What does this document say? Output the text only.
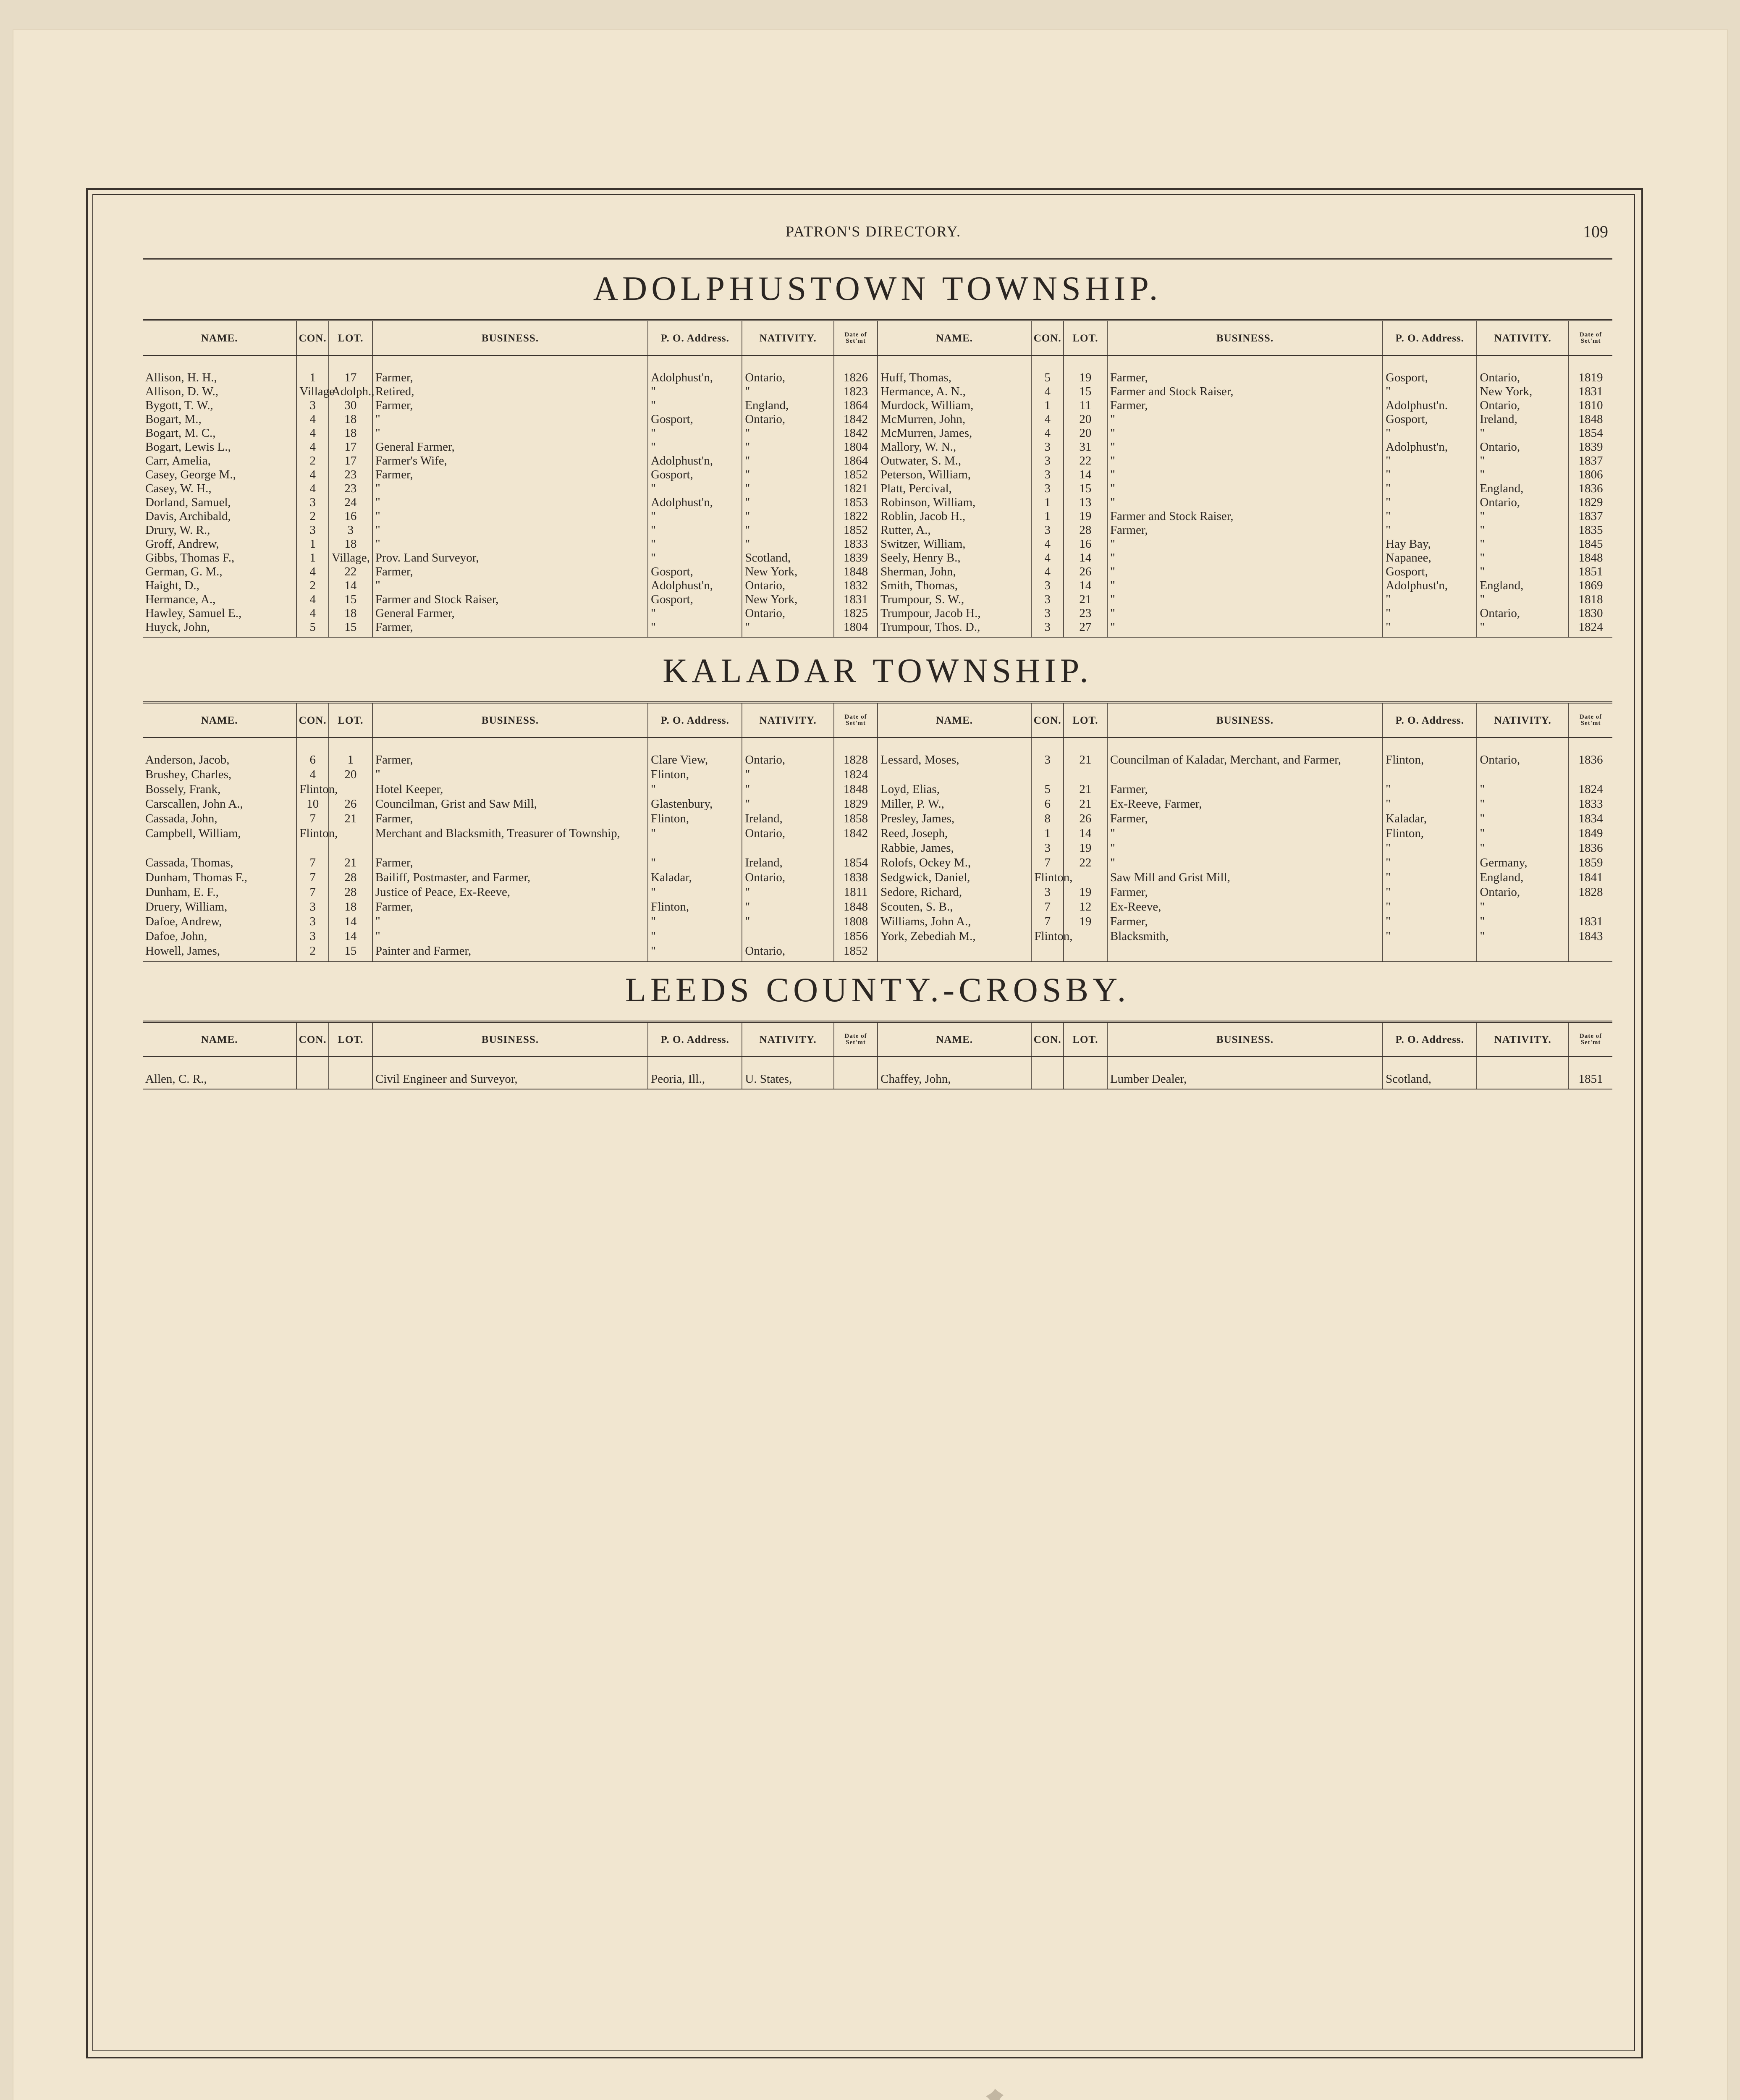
PATRON'S DIRECTORY.	109
ADOLPHUSTOWN TOWNSHIP.
NAME.	CON.	LOT.	BUSINESS.	P. O. Address.	NATIVITY.	Date of Set'mt	NAME.	CON.	LOT.	BUSINESS.	P. O. Address.	NATIVITY.	Date of Set'mt
Allison, H. H.,	1	17	Farmer,	Adolphust'n,	Ontario,	1826	Huff, Thomas,	5	19	Farmer,	Gosport,	Ontario,	1819
Allison, D. W.,	Village	Adolph.,	Retired,	"	"	1823	Hermance, A. N.,	4	15	Farmer and Stock Raiser,	"	New York,	1831
Bygott, T. W.,	3	30	Farmer,	"	England,	1864	Murdock, William,	1	11	Farmer,	Adolphust'n.	Ontario,	1810
Bogart, M.,	4	18	"	Gosport,	Ontario,	1842	McMurren, John,	4	20	"	Gosport,	Ireland,	1848
Bogart, M. C.,	4	18	"	"	"	1842	McMurren, James,	4	20	"	"	"	1854
Bogart, Lewis L.,	4	17	General Farmer,	"	"	1804	Mallory, W. N.,	3	31	"	Adolphust'n,	Ontario,	1839
Carr, Amelia,	2	17	Farmer's Wife,	Adolphust'n,	"	1864	Outwater, S. M.,	3	22	"	"	"	1837
Casey, George M.,	4	23	Farmer,	Gosport,	"	1852	Peterson, William,	3	14	"	"	"	1806
Casey, W. H.,	4	23	"	"	"	1821	Platt, Percival,	3	15	"	"	England,	1836
Dorland, Samuel,	3	24	"	Adolphust'n,	"	1853	Robinson, William,	1	13	"	"	Ontario,	1829
Davis, Archibald,	2	16	"	"	"	1822	Roblin, Jacob H.,	1	19	Farmer and Stock Raiser,	"	"	1837
Drury, W. R.,	3	3	"	"	"	1852	Rutter, A.,	3	28	Farmer,	"	"	1835
Groff, Andrew,	1	18	"	"	"	1833	Switzer, William,	4	16	"	Hay Bay,	"	1845
Gibbs, Thomas F.,	1	Village,	Prov. Land Surveyor,	"	Scotland,	1839	Seely, Henry B.,	4	14	"	Napanee,	"	1848
German, G. M.,	4	22	Farmer,	Gosport,	New York,	1848	Sherman, John,	4	26	"	Gosport,	"	1851
Haight, D.,	2	14	"	Adolphust'n,	Ontario,	1832	Smith, Thomas,	3	14	"	Adolphust'n,	England,	1869
Hermance, A.,	4	15	Farmer and Stock Raiser,	Gosport,	New York,	1831	Trumpour, S. W.,	3	21	"	"	"	1818
Hawley, Samuel E.,	4	18	General Farmer,	"	Ontario,	1825	Trumpour, Jacob H.,	3	23	"	"	Ontario,	1830
Huyck, John,	5	15	Farmer,	"	"	1804	Trumpour, Thos. D.,	3	27	"	"	"	1824
KALADAR TOWNSHIP.
NAME.	CON.	LOT.	BUSINESS.	P. O. Address.	NATIVITY.	Date of Set'mt	NAME.	CON.	LOT.	BUSINESS.	P. O. Address.	NATIVITY.	Date of Set'mt
Anderson, Jacob,	6	1	Farmer,	Clare View,	Ontario,	1828	Lessard, Moses,	3	21	Councilman of Kaladar, Merchant, and Farmer,	Flinton,	Ontario,	1836
Brushey, Charles,	4	20	"	Flinton,	"	1824							
Bossely, Frank,	Flinton,		Hotel Keeper,	"	"	1848	Loyd, Elias,	5	21	Farmer,	"	"	1824
Carscallen, John A.,	10	26	Councilman, Grist and Saw Mill,	Glastenbury,	"	1829	Miller, P. W.,	6	21	Ex-Reeve, Farmer,	"	"	1833
Cassada, John,	7	21	Farmer,	Flinton,	Ireland,	1858	Presley, James,	8	26	Farmer,	Kaladar,	"	1834
Campbell, William,	Flinton,		Merchant and Blacksmith, Treasurer of Township,	"	Ontario,	1842	Reed, Joseph,	1	14	"	Flinton,	"	1849
							Rabbie, James,	3	19	"	"	"	1836
Cassada, Thomas,	7	21	Farmer,	"	Ireland,	1854	Rolofs, Ockey M.,	7	22	"	"	Germany,	1859
Dunham, Thomas F.,	7	28	Bailiff, Postmaster, and Farmer,	Kaladar,	Ontario,	1838	Sedgwick, Daniel,	Flinton,		Saw Mill and Grist Mill,	"	England,	1841
Dunham, E. F.,	7	28	Justice of Peace, Ex-Reeve,	"	"	1811	Sedore, Richard,	3	19	Farmer,	"	Ontario,	1828
Druery, William,	3	18	Farmer,	Flinton,	"	1848	Scouten, S. B.,	7	12	Ex-Reeve,	"	"	
Dafoe, Andrew,	3	14	"	"	"	1808	Williams, John A.,	7	19	Farmer,	"	"	1831
Dafoe, John,	3	14	"	"		1856	York, Zebediah M.,	Flinton,		Blacksmith,	"	"	1843
Howell, James,	2	15	Painter and Farmer,	"	Ontario,	1852							
LEEDS COUNTY.-CROSBY.
NAME.	CON.	LOT.	BUSINESS.	P. O. Address.	NATIVITY.	Date of Set'mt	NAME.	CON.	LOT.	BUSINESS.	P. O. Address.	NATIVITY.	Date of Set'mt
Allen, C. R.,			Civil Engineer and Surveyor,	Peoria, Ill.,	U. States,		Chaffey, John,			Lumber Dealer,	Scotland,		1851
